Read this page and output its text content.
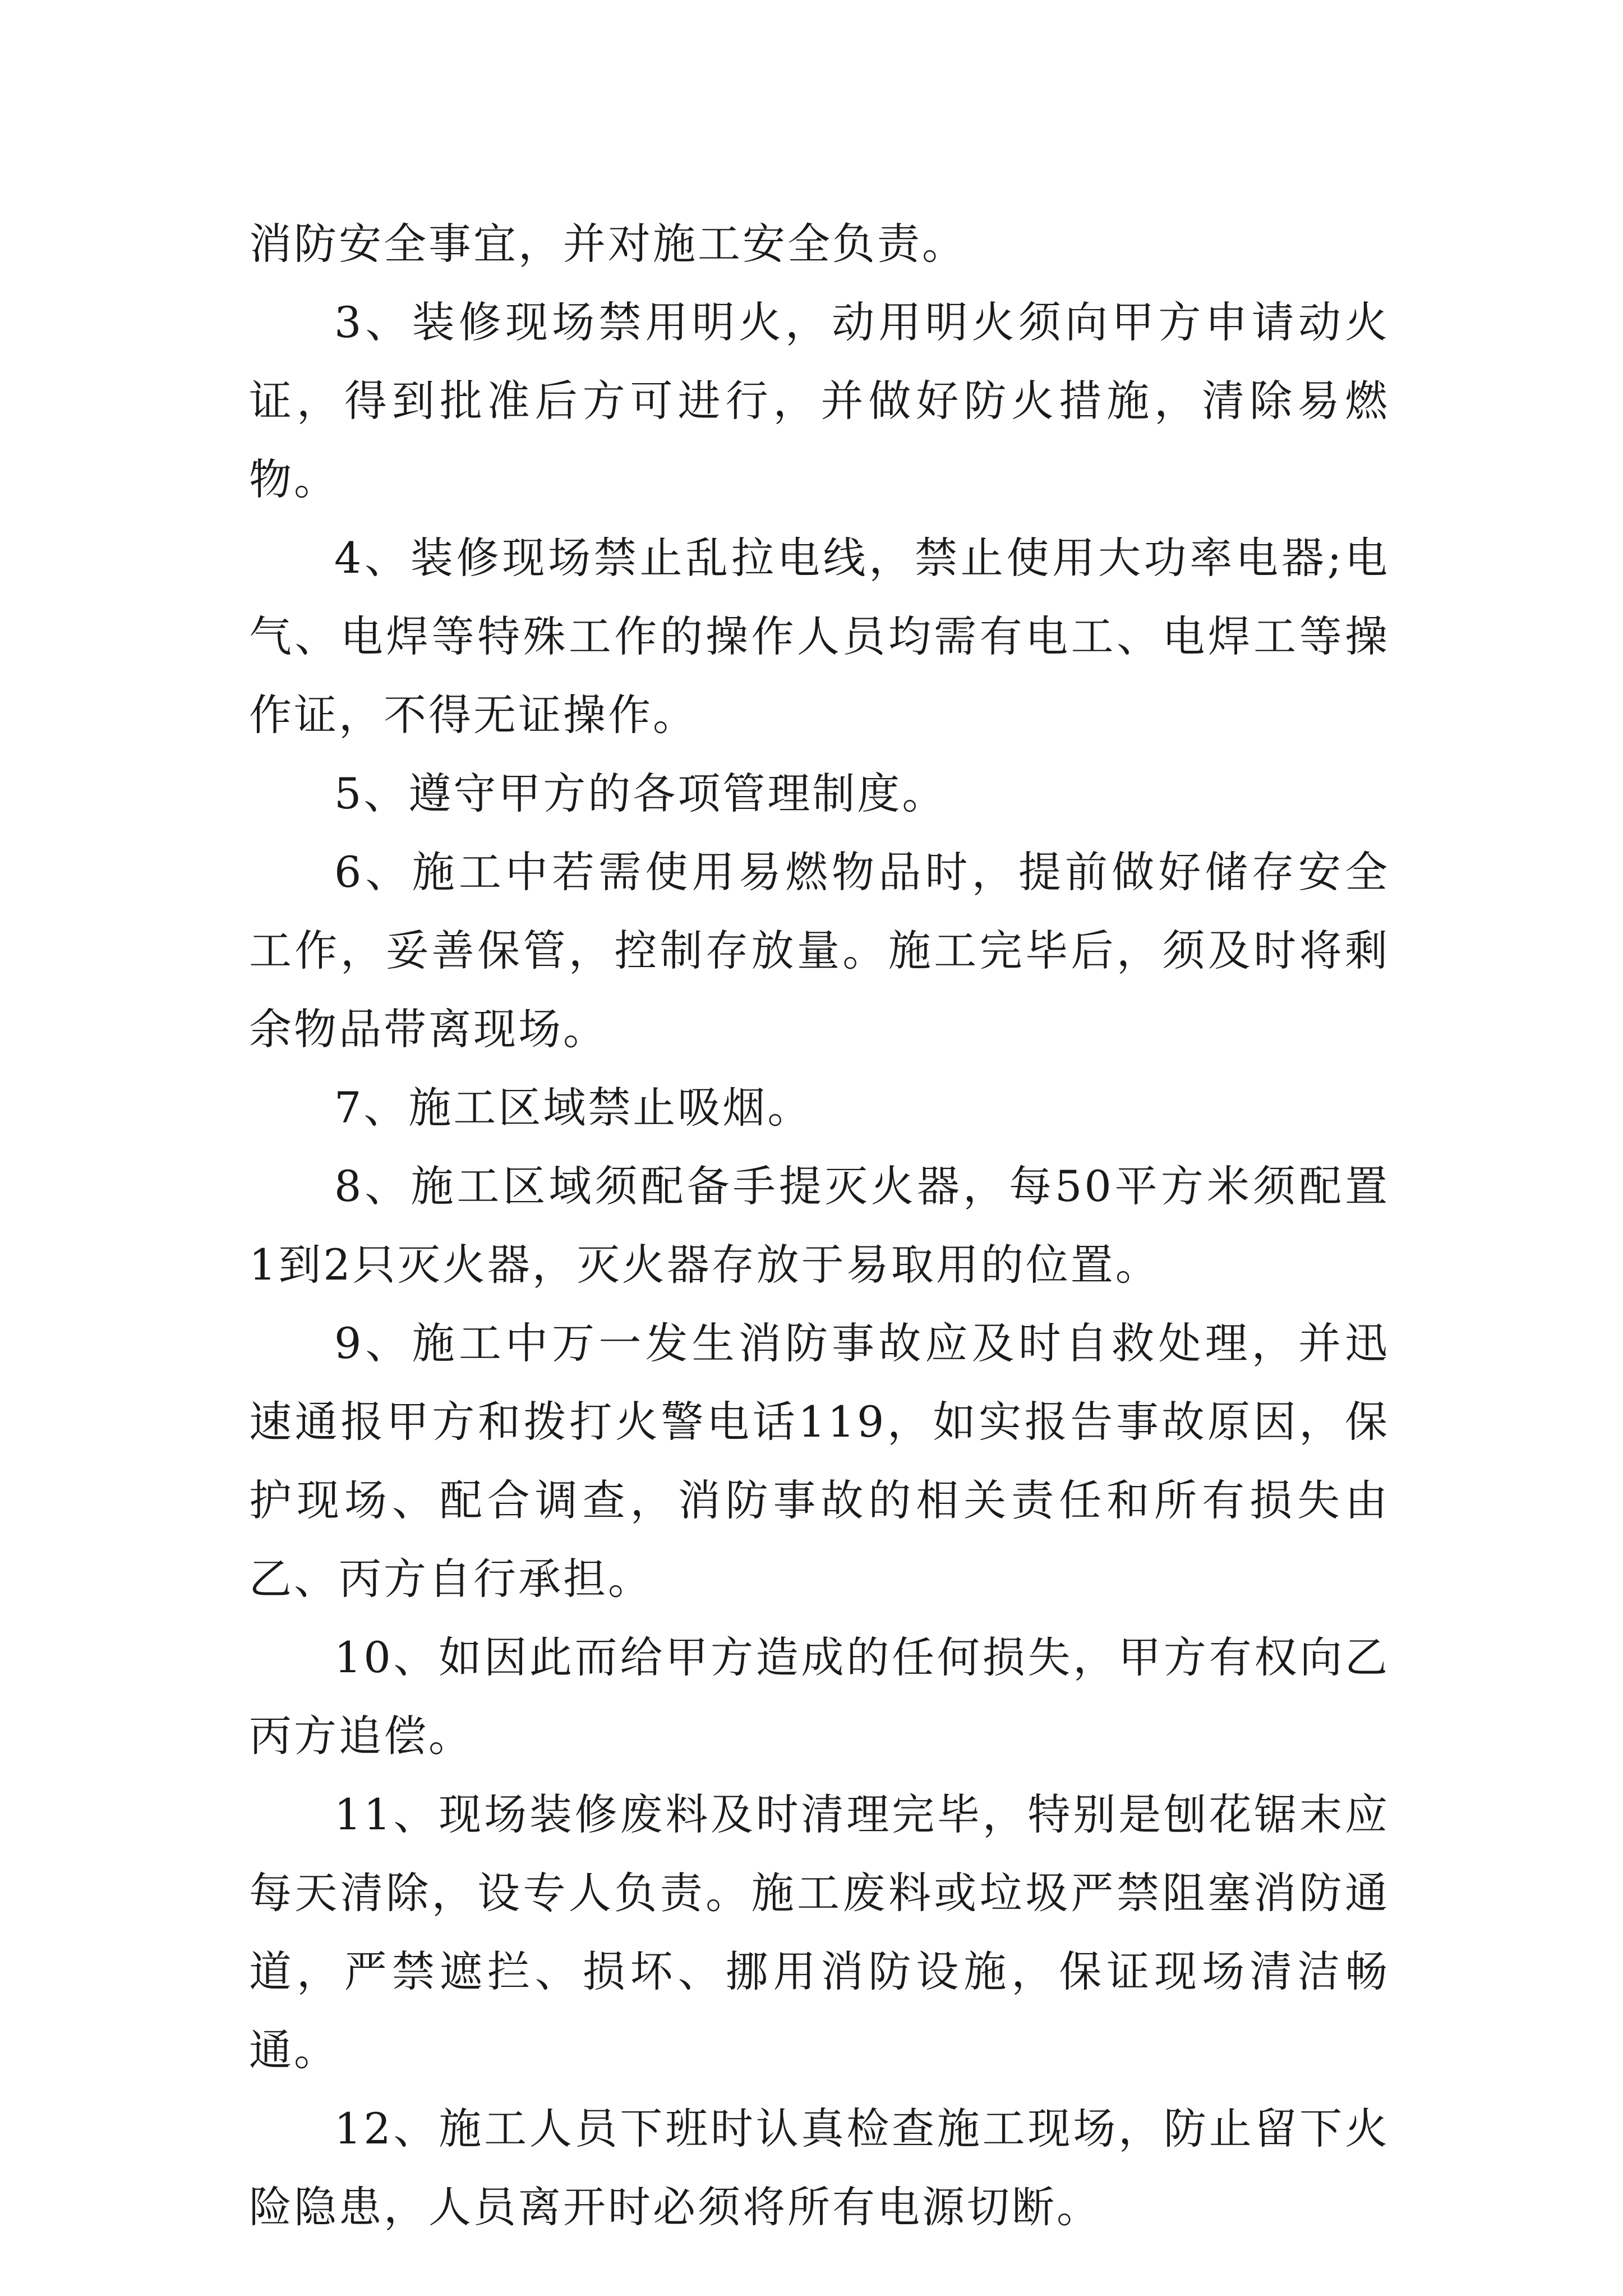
消防安全事宜，并对施工安全负责。

3、装修现场禁用明火，动用明火须向甲方申请动火证，得到批准后方可进行，并做好防火措施，清除易燃物。

4、装修现场禁止乱拉电线，禁止使用大功率电器;电气、电焊等特殊工作的操作人员均需有电工、电焊工等操作证，不得无证操作。

5、遵守甲方的各项管理制度。

6、施工中若需使用易燃物品时，提前做好储存安全工作，妥善保管，控制存放量。施工完毕后，须及时将剩余物品带离现场。

7、施工区域禁止吸烟。

8、施工区域须配备手提灭火器，每50平方米须配置1到2只灭火器，灭火器存放于易取用的位置。

9、施工中万一发生消防事故应及时自救处理，并迅速通报甲方和拨打火警电话119，如实报告事故原因，保护现场、配合调查，消防事故的相关责任和所有损失由乙、丙方自行承担。

10、如因此而给甲方造成的任何损失，甲方有权向乙丙方追偿。

11、现场装修废料及时清理完毕，特别是刨花锯末应每天清除，设专人负责。施工废料或垃圾严禁阻塞消防通道，严禁遮拦、损坏、挪用消防设施，保证现场清洁畅通。

12、施工人员下班时认真检查施工现场，防止留下火险隐患，人员离开时必须将所有电源切断。
